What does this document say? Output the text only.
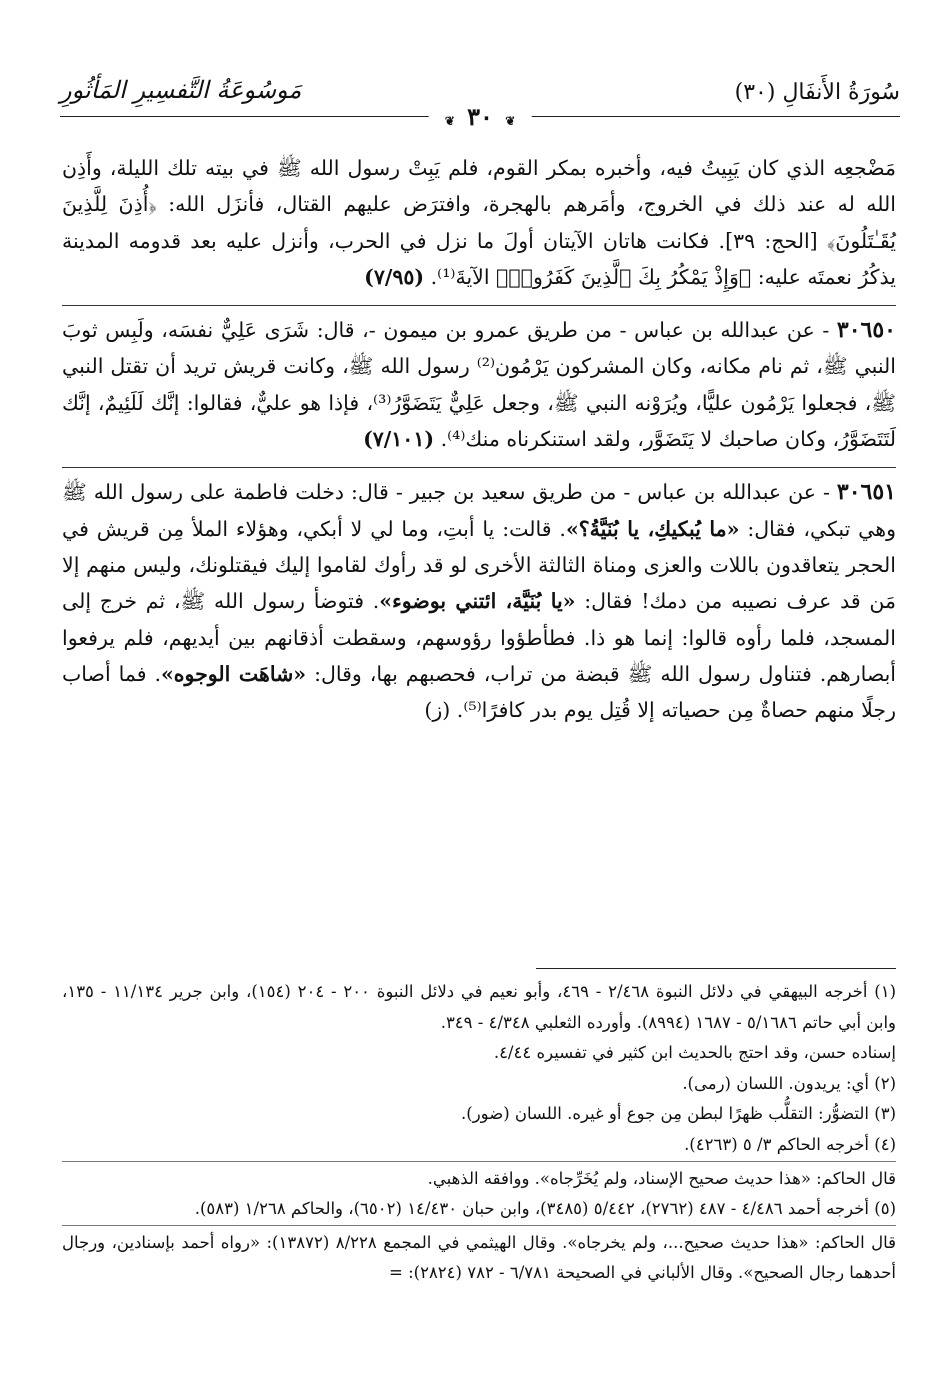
سُورَةُ الأَنفَالِ (٣٠)
مَوسُوعَةُ التَّفسِيرِ المَأثُورِ
❦ ٣٠ ❦

مَضْجعِه الذي كان يَبِيتُ فيه، وأخبره بمكر القوم، فلم يَبِتْ رسول الله ﷺ في بيته تلك الليلة، وأَذِن الله له عند ذلك في الخروج، وأمَرهم بالهجرة، وافترَض عليهم القتال، فأنزَل الله: ﴿أُذِنَ لِلَّذِينَ يُقَـٰتَلُونَ﴾ [الحج: ٣٩]. فكانت هاتان الآيتان أولَ ما نزل في الحرب، وأنزل عليه بعد قدومه المدينة يذكُرُ نعمتَه عليه: ﴿وَإِذْ يَمْكُرُ بِكَ ٱلَّذِينَ كَفَرُوا۟﴾ الآيةَ⁽¹⁾. (٧/٩٥)

٣٠٦٥٠ - عن عبدالله بن عباس - من طريق عمرو بن ميمون -، قال: شَرَى عَلِيٌّ نفسَه، ولَبِس ثوبَ النبي ﷺ، ثم نام مكانه، وكان المشركون يَرْمُون⁽²⁾ رسول الله ﷺ، وكانت قريش تريد أن تقتل النبي ﷺ، فجعلوا يَرْمُون عليًّا، ويُرَوْنه النبي ﷺ، وجعل عَلِيٌّ يَتَضَوَّرُ⁽³⁾، فإذا هو عليٌّ، فقالوا: إنَّك لَلَئِيمٌ، إنَّك لَتَتَضَوَّرُ، وكان صاحبك لا يَتَضَوَّر، ولقد استنكرناه منك⁽⁴⁾. (٧/١٠١)

٣٠٦٥١ - عن عبدالله بن عباس - من طريق سعيد بن جبير - قال: دخلت فاطمة على رسول الله ﷺ وهي تبكي، فقال: «ما يُبكيكِ، يا بُنَيَّةُ؟». قالت: يا أبتِ، وما لي لا أبكي، وهؤلاء الملأ مِن قريش في الحجر يتعاقدون باللات والعزى ومناة الثالثة الأخرى لو قد رأوك لقاموا إليك فيقتلونك، وليس منهم إلا مَن قد عرف نصيبه من دمك! فقال: «يا بُنَيَّة، ائتني بوضوء». فتوضأ رسول الله ﷺ، ثم خرج إلى المسجد، فلما رأوه قالوا: إنما هو ذا. فطأطؤوا رؤوسهم، وسقطت أذقانهم بين أيديهم، فلم يرفعوا أبصارهم. فتناول رسول الله ﷺ قبضة من تراب، فحصبهم بها، وقال: «شاهَت الوجوه». فما أصاب رجلًا منهم حصاةٌ مِن حصياته إلا قُتِل يوم بدر كافرًا⁽⁵⁾. (ز)

(١) أخرجه البيهقي في دلائل النبوة ٢/٤٦٨ - ٤٦٩، وأبو نعيم في دلائل النبوة ٢٠٠ - ٢٠٤ (١٥٤)، وابن جرير ١١/١٣٤ - ١٣٥، وابن أبي حاتم ٥/١٦٨٦ - ١٦٨٧ (٨٩٩٤). وأورده الثعلبي ٤/٣٤٨ - ٣٤٩.

إسناده حسن، وقد احتج بالحديث ابن كثير في تفسيره ٤/٤٤.

(٢) أي: يريدون. اللسان (رمى).

(٣) التضوُّر: التقلُّب ظهرًا لبطن مِن جوع أو غيره. اللسان (ضور).

(٤) أخرجه الحاكم ٣/ ٥ (٤٢٦٣).

قال الحاكم: «هذا حديث صحيح الإسناد، ولم يُخَرِّجاه». ووافقه الذهبي.

(٥) أخرجه أحمد ٤/٤٨٦ - ٤٨٧ (٢٧٦٢)، ٥/٤٤٢ (٣٤٨٥)، وابن حبان ١٤/٤٣٠ (٦٥٠٢)، والحاكم ١/٢٦٨ (٥٨٣).

قال الحاكم: «هذا حديث صحيح...، ولم يخرجاه». وقال الهيثمي في المجمع ٨/٢٢٨ (١٣٨٧٢): «رواه أحمد بإسنادين، ورجال أحدهما رجال الصحيح». وقال الألباني في الصحيحة ٦/٧٨١ - ٧٨٢ (٢٨٢٤): =
